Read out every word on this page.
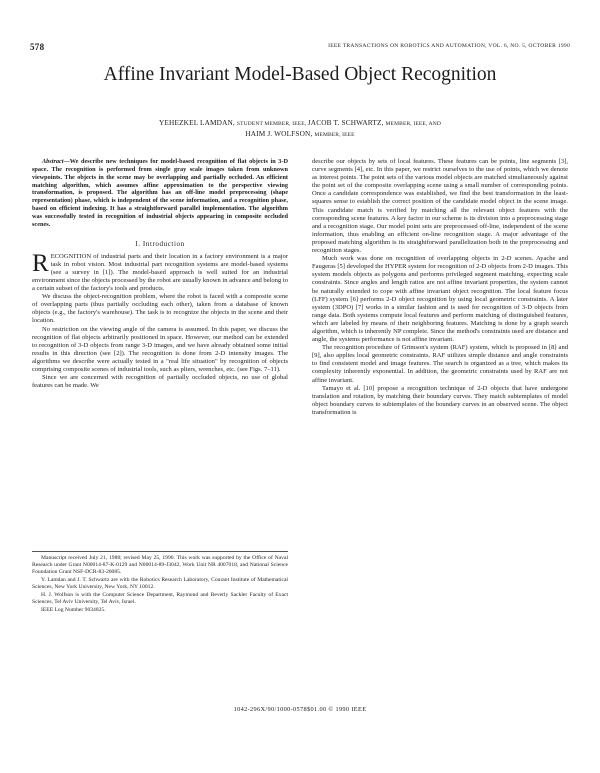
578	IEEE TRANSACTIONS ON ROBOTICS AND AUTOMATION, VOL. 6, NO. 5, OCTOBER 1990
Affine Invariant Model-Based Object Recognition
YEHEZKEL LAMDAN, STUDENT MEMBER, IEEE, JACOB T. SCHWARTZ, MEMBER, IEEE, AND
HAIM J. WOLFSON, MEMBER, IEEE

Abstract—We describe new techniques for model-based recognition of flat objects in 3-D space. The recognition is performed from single gray scale images taken from unknown viewpoints. The objects in the scene may be overlapping and partially occluded. An efficient matching algorithm, which assumes affine approximation to the perspective viewing transformation, is proposed. The algorithm has an off-line model preprocessing (shape representation) phase, which is independent of the scene information, and a recognition phase, based on efficient indexing. It has a straightforward parallel implementation. The algorithm was successfully tested in recognition of industrial objects appearing in composite occluded scenes.

I. Introduction

RECOGNITION of industrial parts and their location in a factory environment is a major task in robot vision. Most industrial part recognition systems are model-based systems (see a survey in [1]). The model-based approach is well suited for an industrial environment since the objects processed by the robot are usually known in advance and belong to a certain subset of the factory's tools and products.

We discuss the object-recognition problem, where the robot is faced with a composite scene of overlapping parts (thus partially occluding each other), taken from a database of known objects (e.g., the factory's warehouse). The task is to recognize the objects in the scene and their location.

No restriction on the viewing angle of the camera is assumed. In this paper, we discuss the recognition of flat objects arbitrarily positioned in space. However, our method can be extended to recognition of 3-D objects from range 3-D images, and we have already obtained some initial results in this direction (see [2]). The recognition is done from 2-D intensity images. The algorithms we describe were actually tested in a "real life situation" by recognition of objects comprising composite scenes of industrial tools, such as pliers, wrenches, etc. (see Figs. 7–11).

Since we are concerned with recognition of partially occluded objects, no use of global features can be made. We

Manuscript received July 21, 1988; revised May 25, 1990. This work was supported by the Office of Naval Research under Grant N00014-87-K-0129 and N00014-89-J3042, Work Unit NR 4007018, and National Science Foundation Grant NSF-DCR-83-20085.

Y. Lamdan and J. T. Schwartz are with the Robotics Research Laboratory, Courant Institute of Mathematical Sciences, New York University, New York, NY 10012.

H. J. Wolfson is with the Computer Science Department, Raymond and Beverly Sackler Faculty of Exact Sciences, Tel Aviv University, Tel Aviv, Israel.

IEEE Log Number 9034825.

describe our objects by sets of local features. These features can be points, line segments [3], curve segments [4], etc. In this paper, we restrict ourselves to the use of points, which we denote as interest points. The point sets of the various model objects are matched simultaneously against the point set of the composite overlapping scene using a small number of corresponding points. Once a candidate correspondence was established, we find the best transformation in the least-squares sense to establish the correct position of the candidate model object in the scene image. This candidate match is verified by matching all the relevant object features with the corresponding scene features. A key factor in our scheme is its division into a preprocessing stage and a recognition stage. Our model point sets are preprocessed off-line, independent of the scene information, thus enabling an efficient on-line recognition stage. A major advantage of the proposed matching algorithm is its straightforward parallelization both in the preprocessing and recognition stages.

Much work was done on recognition of overlapping objects in 2-D scenes. Ayache and Faugeras [5] developed the HYPER system for recognition of 2-D objects from 2-D images. This system models objects as polygons and performs privileged segment matching, expecting scale constraints. Since angles and length ratios are not affine invariant properties, the system cannot be naturally extended to cope with affine invariant object recognition. The local feature focus (LFF) system [6] performs 2-D object recognition by using local geometric constraints. A later system (3DPO) [7] works in a similar fashion and is used for recognition of 3-D objects from range data. Both systems compute local features and perform matching of distinguished features, which are labeled by means of their neighboring features. Matching is done by a graph search algorithm, which is inherently NP complete. Since the method's constraints used are distance and angle, the systems performance is not affine invariant.

The recognition procedure of Grimson's system (RAF) system, which is proposed in [8] and [9], also applies local geometric constraints. RAF utilizes simple distance and angle constraints to find consistent model and image features. The search is organized as a tree, which makes its complexity inherently exponential. In addition, the geometric constraints used by RAF are not affine invariant.

Tamayo et al. [10] propose a recognition technique of 2-D objects that have undergone translation and rotation, by matching their boundary curves. They match subtemplates of model object boundary curves to subtemplates of the boundary curves in an observed scene. The object transformation is

1042-296X/90/1000-0578$01.00 © 1990 IEEE
